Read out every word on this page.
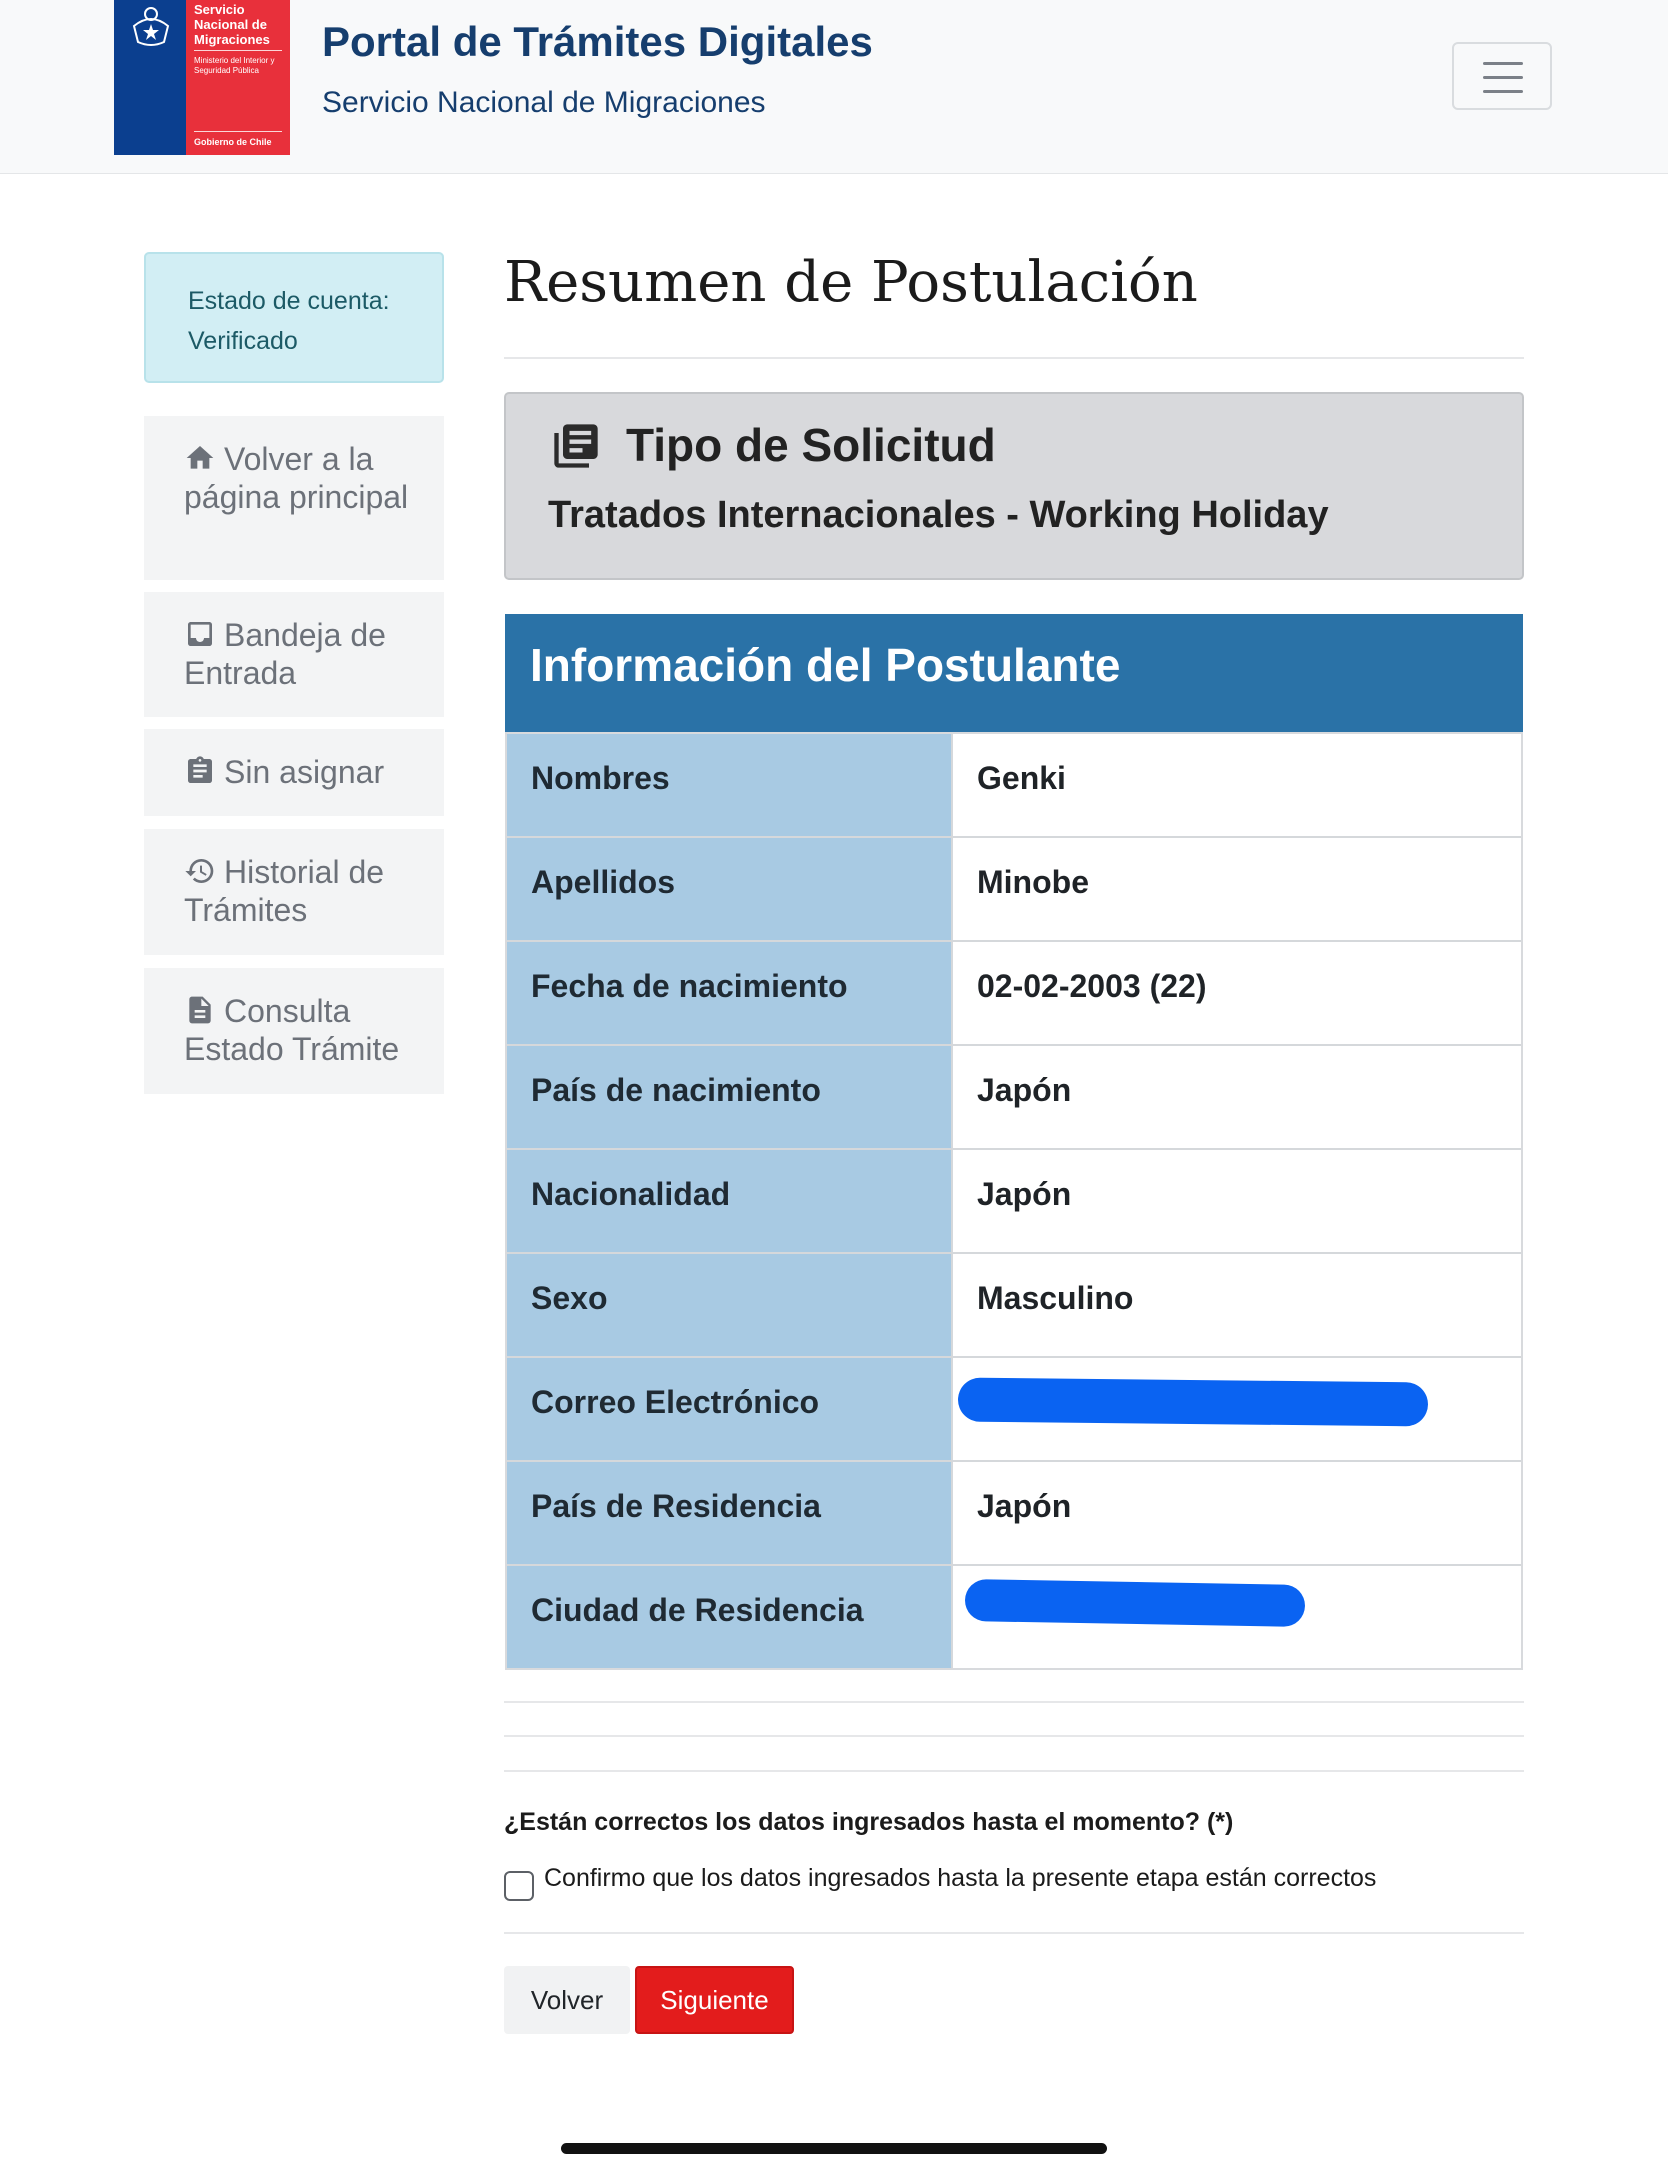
Servicio
Nacional de
Migraciones
Ministerio del Interior y Seguridad Pública
Gobierno de Chile
Portal de Trámites Digitales
Servicio Nacional de Migraciones
Estado de cuenta:
Verificado
Volver a la página principal
Bandeja de Entrada
Sin asignar
Historial de Trámites
Consulta Estado Trámite
Resumen de Postulación
Tipo de Solicitud
Tratados Internacionales - Working Holiday
Información del Postulante
Nombres	Genki
Apellidos	Minobe
Fecha de nacimiento	02-02-2003 (22)
País de nacimiento	Japón
Nacionalidad	Japón
Sexo	Masculino
Correo Electrónico
País de Residencia	Japón
Ciudad de Residencia
¿Están correctos los datos ingresados hasta el momento? (*)
Confirmo que los datos ingresados hasta la presente etapa están correctos
Volver	Siguiente
